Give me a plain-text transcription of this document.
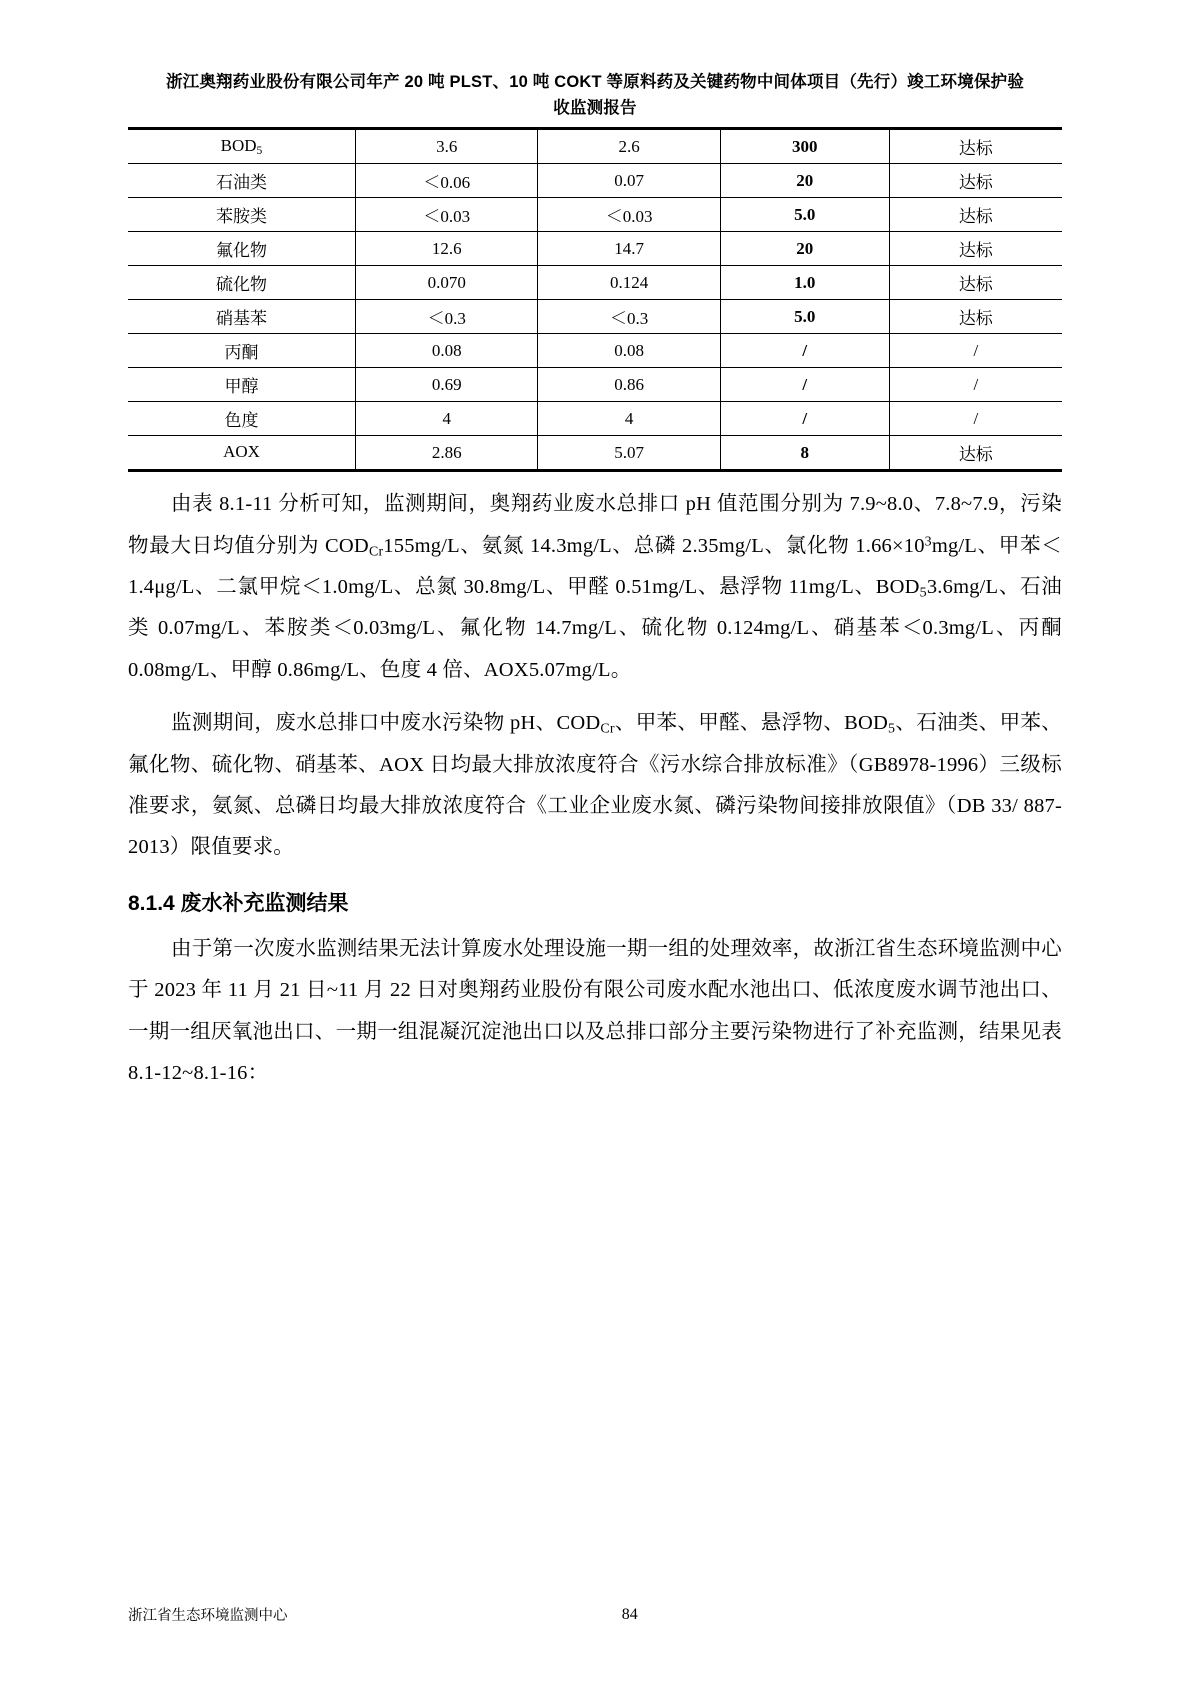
浙江奥翔药业股份有限公司年产 20 吨 PLST、10 吨 COKT 等原料药及关键药物中间体项目（先行）竣工环境保护验
收监测报告
$BOD_5$	3.6	2.6	300	达标
石油类	＜0.06	0.07	20	达标
苯胺类	＜0.03	＜0.03	5.0	达标
氟化物	12.6	14.7	20	达标
硫化物	0.070	0.124	1.0	达标
硝基苯	＜0.3	＜0.3	5.0	达标
丙酮	0.08	0.08	/	/
甲醇	0.69	0.86	/	/
色度	4	4	/	/
AOX	2.86	5.07	8	达标

由表 8.1-11 分析可知，监测期间，奥翔药业废水总排口 pH 值范围分别为 7.9~8.0、7.8~7.9，污染物最大日均值分别为 $COD_{Cr}155mg/L$、氨氮 14.3mg/L、总磷 2.35mg/L、氯化物 $1.66\times 10^3mg/L$、甲苯＜1.4μg/L、二氯甲烷＜1.0mg/L、总氮 30.8mg/L、甲醛 0.51mg/L、悬浮物 11mg/L、$BOD_53.6mg/L$、石油类 0.07mg/L、苯胺类＜0.03mg/L、氟化物 14.7mg/L、硫化物 0.124mg/L、硝基苯＜0.3mg/L、丙酮 0.08mg/L、甲醇 0.86mg/L、色度 4 倍、AOX5.07mg/L。

监测期间，废水总排口中废水污染物 pH、$COD_{Cr}$、甲苯、甲醛、悬浮物、$BOD_5$、石油类、甲苯、氟化物、硫化物、硝基苯、AOX 日均最大排放浓度符合《污水综合排放标准》（GB8978-1996）三级标准要求，氨氮、总磷日均最大排放浓度符合《工业企业废水氮、磷污染物间接排放限值》（DB 33/ 887-2013）限值要求。

8.1.4 废水补充监测结果

由于第一次废水监测结果无法计算废水处理设施一期一组的处理效率，故浙江省生态环境监测中心于 2023 年 11 月 21 日~11 月 22 日对奥翔药业股份有限公司废水配水池出口、低浓度废水调节池出口、一期一组厌氧池出口、一期一组混凝沉淀池出口以及总排口部分主要污染物进行了补充监测，结果见表 8.1-12~8.1-16：

浙江省生态环境监测中心	84
